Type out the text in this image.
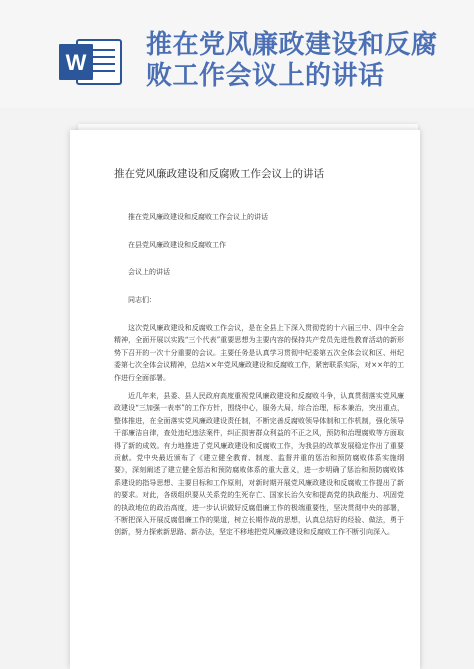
W
推在党风廉政建设和反腐败工作会议上的讲话
推在党风廉政建设和反腐败工作会议上的讲话
推在党风廉政建设和反腐败工作会议上的讲话
在县党风廉政建设和反腐败工作
会议上的讲话
同志们：
这次党风廉政建设和反腐败工作会议，是在全县上下深入贯彻党的十六届三中、四中全会精神，全面开展以实践“三个代表”重要思想为主要内容的保持共产党员先进性教育活动的新形势下召开的一次十分重要的会议。主要任务是认真学习贯彻中纪委第五次全体会议和区、州纪委第七次全体会议精神，总结××年党风廉政建设和反腐败工作，紧密联系实际，对××年的工作进行全面部署。
近几年来，县委、县人民政府高度重视党风廉政建设和反腐败斗争，认真贯彻落实党风廉政建设“三加强一表率”的工作方针，围绕中心，服务大局，综合治理，标本兼治，突出重点，整体推进，在全面落实党风廉政建设责任制，不断完善反腐败领导体制和工作机制，强化领导干部廉洁自律，查处违纪违法案件，纠正损害群众利益的不正之风，预防和治理腐败等方面取得了新的成效。有力地推进了党风廉政建设和反腐败工作，为我县的改革发展稳定作出了重要贡献。党中央最近颁布了《建立健全教育、制度、监督并重的惩治和预防腐败体系实施纲要》，深刻阐述了建立健全惩治和预防腐败体系的重大意义，进一步明确了惩治和预防腐败体系建设的指导思想、主要目标和工作原则，对新时期开展党风廉政建设和反腐败工作提出了新的要求。对此，各级组织要从关系党的生死存亡、国家长治久安和提高党的执政能力、巩固党的执政地位的政治高度，进一步认识做好反腐倡廉工作的极端重要性，坚决贯彻中央的部署，不断把深入开展反腐倡廉工作的渠道，树立长期作战的思想，认真总结好的经验、做法，勇于创新，努力探索新思路、新办法，坚定不移地把党风廉政建设和反腐败工作不断引向深入。
